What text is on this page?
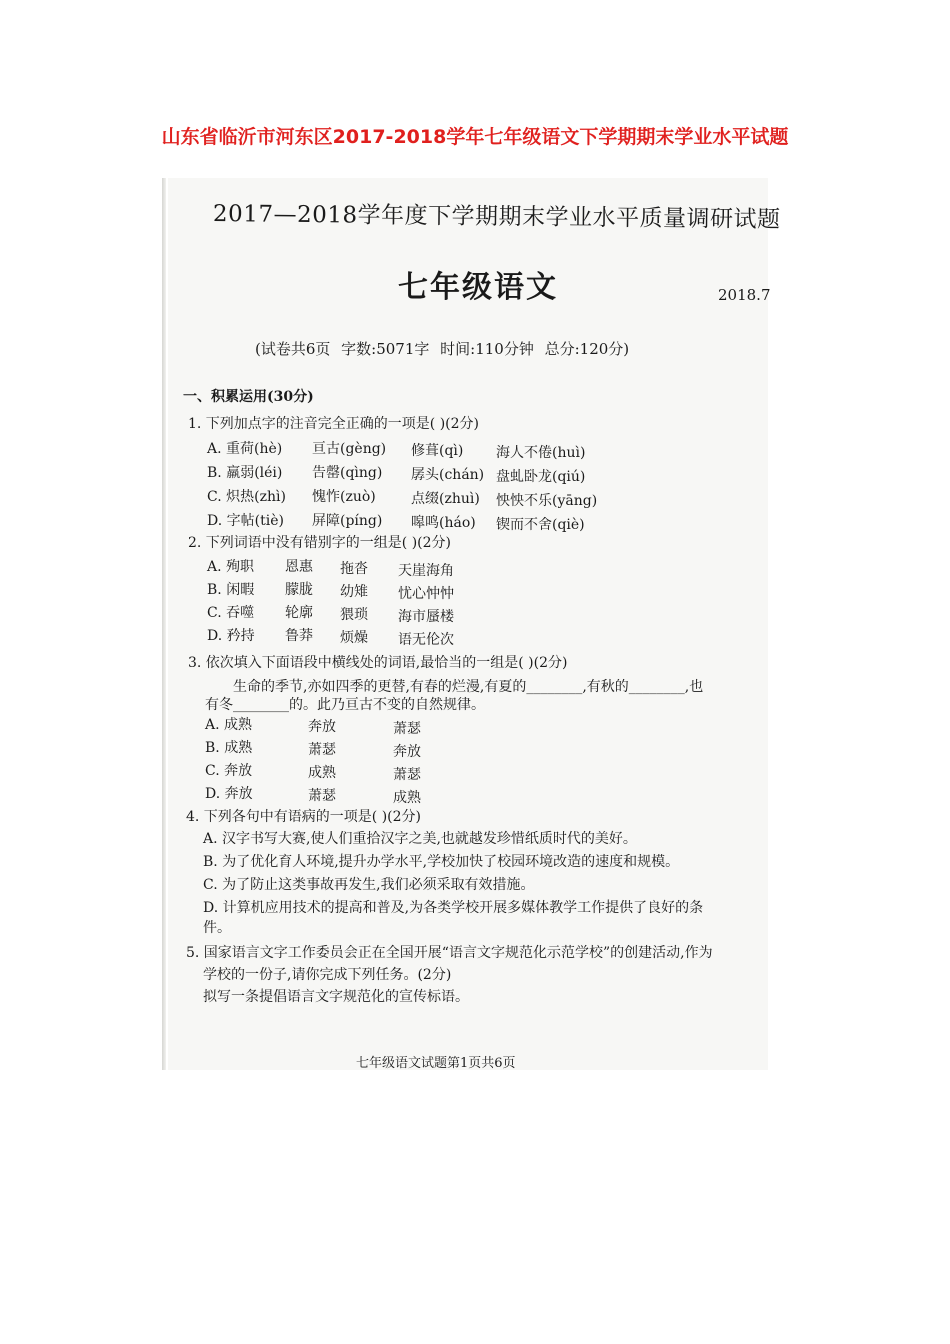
山东省临沂市河东区2017-2018学年七年级语文下学期期末学业水平试题
2017—2018学年度下学期期末学业水平质量调研试题
七年级语文	2018.7
(试卷共6页 字数:5071字 时间:110分钟 总分:120分)
一、积累运用(30分)
1. 下列加点字的注音完全正确的一项是( )(2分)
A. 重荷(hè) 亘古(gèng) 修葺(qì) 海人不倦(huì)
B. 羸弱(léi) 告罄(qìng) 孱头(chán) 盘虬卧龙(qiú)
C. 炽热(zhì) 愧怍(zuò)	点缀(zhuì) 怏怏不乐(yāng)
D. 字帖(tiè) 屏障(píng) 嗥鸣(háo) 锲而不舍(qiè)
2. 下列词语中没有错别字的一组是( )(2分)
A. 殉职 恩惠 拖沓 天崖海角
B. 闲暇 朦胧 幼雉 忧心忡忡
C. 吞噬 轮廓 猥琐 海市蜃楼
D. 矜持 鲁莽 烦燥 语无伦次
3. 依次填入下面语段中横线处的词语,最恰当的一组是( )(2分)
生命的季节,亦如四季的更替,有春的烂漫,有夏的________,有秋的________,也
有冬________的。此乃亘古不变的自然规律。
A. 成熟	奔放	萧瑟
B. 成熟	萧瑟	奔放
C. 奔放	成熟	萧瑟
D. 奔放	萧瑟	成熟
4. 下列各句中有语病的一项是( )(2分)
A. 汉字书写大赛,使人们重拾汉字之美,也就越发珍惜纸质时代的美好。
B. 为了优化育人环境,提升办学水平,学校加快了校园环境改造的速度和规模。
C. 为了防止这类事故再发生,我们必须采取有效措施。
D. 计算机应用技术的提高和普及,为各类学校开展多媒体教学工作提供了良好的条
件。
5. 国家语言文字工作委员会正在全国开展“语言文字规范化示范学校”的创建活动,作为
学校的一份子,请你完成下列任务。(2分)
拟写一条提倡语言文字规范化的宣传标语。
七年级语文试题第1页共6页
